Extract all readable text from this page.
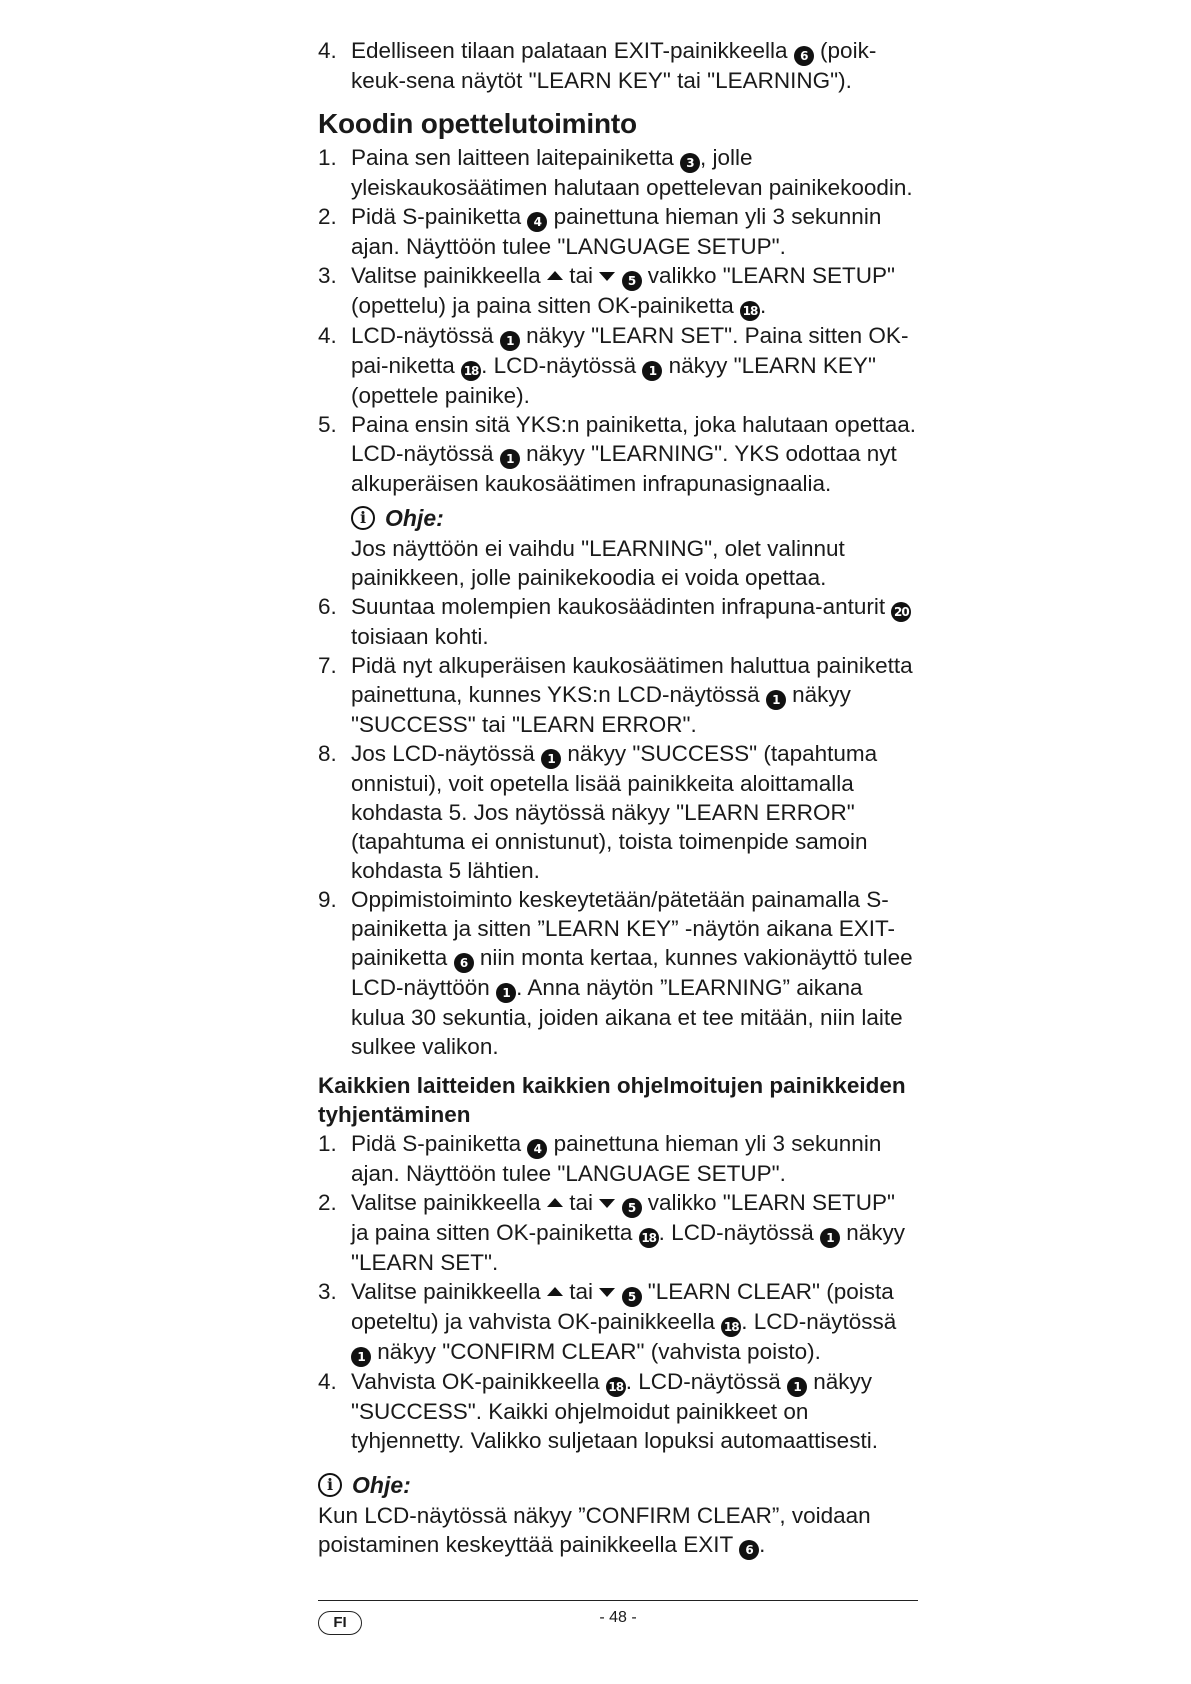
4. Edelliseen tilaan palataan EXIT-painikkeella 6 (poik-keuk-sena näytöt "LEARN KEY" tai "LEARNING").
Koodin opettelutoiminto
1. Paina sen laitteen laitepainiketta 3 , jolle yleiskaukosäätimen halutaan opettelevan painikekoodin.
2. Pidä S-painiketta 4 painettuna hieman yli 3 sekunnin ajan. Näyttöön tulee "LANGUAGE SETUP".
3. Valitse painikkeella  tai  5 valikko "LEARN SETUP" (opettelu) ja paina sitten OK-painiketta 18 .
4. LCD-näytössä 1 näkyy "LEARN SET". Paina sitten OK-pai-niketta 18 . LCD-näytössä 1 näkyy "LEARN KEY" (opettele painike).
5. Paina ensin sitä YKS:n painiketta, joka halutaan opettaa. LCD-näytössä 1 näkyy "LEARNING". YKS odottaa nyt alkuperäisen kaukosäätimen infrapunasignaalia.
i Ohje:

Jos näyttöön ei vaihdu "LEARNING", olet valinnut painikkeen, jolle painikekoodia ei voida opettaa.

6. Suuntaa molempien kaukosäädinten infrapuna-anturit 20 toisiaan kohti.
7. Pidä nyt alkuperäisen kaukosäätimen haluttua painiketta painettuna, kunnes YKS:n LCD-näytössä 1 näkyy "SUCCESS" tai "LEARN ERROR".
8. Jos LCD-näytössä 1 näkyy "SUCCESS" (tapahtuma onnistui), voit opetella lisää painikkeita aloittamalla kohdasta 5. Jos näytössä näkyy "LEARN ERROR" (tapahtuma ei onnistunut), toista toimenpide samoin kohdasta 5 lähtien.
9. Oppimistoiminto keskeytetään/pätetään painamalla S-painiketta ja sitten ”LEARN KEY” -näytön aikana EXIT-painiketta 6 niin monta kertaa, kunnes vakionäyttö tulee LCD-näyttöön 1 . Anna näytön ”LEARNING” aikana kulua 30 sekuntia, joiden aikana et tee mitään, niin laite sulkee valikon.
Kaikkien laitteiden kaikkien ohjelmoitujen painikkeiden tyhjentäminen
1. Pidä S-painiketta 4 painettuna hieman yli 3 sekunnin ajan. Näyttöön tulee "LANGUAGE SETUP".
2. Valitse painikkeella  tai  5 valikko "LEARN SETUP" ja paina sitten OK-painiketta 18 . LCD-näytössä 1 näkyy "LEARN SET".
3. Valitse painikkeella  tai  5 "LEARN CLEAR" (poista opeteltu) ja vahvista OK-painikkeella 18 . LCD-näytössä 1 näkyy "CONFIRM CLEAR" (vahvista poisto).
4. Vahvista OK-painikkeella 18 . LCD-näytössä 1 näkyy "SUCCESS". Kaikki ohjelmoidut painikkeet on tyhjennetty. Valikko suljetaan lopuksi automaattisesti.
i Ohje:

Kun LCD-näytössä näkyy ”CONFIRM CLEAR”, voidaan poistaminen keskeyttää painikkeella EXIT 6 .

FI	- 48 -
